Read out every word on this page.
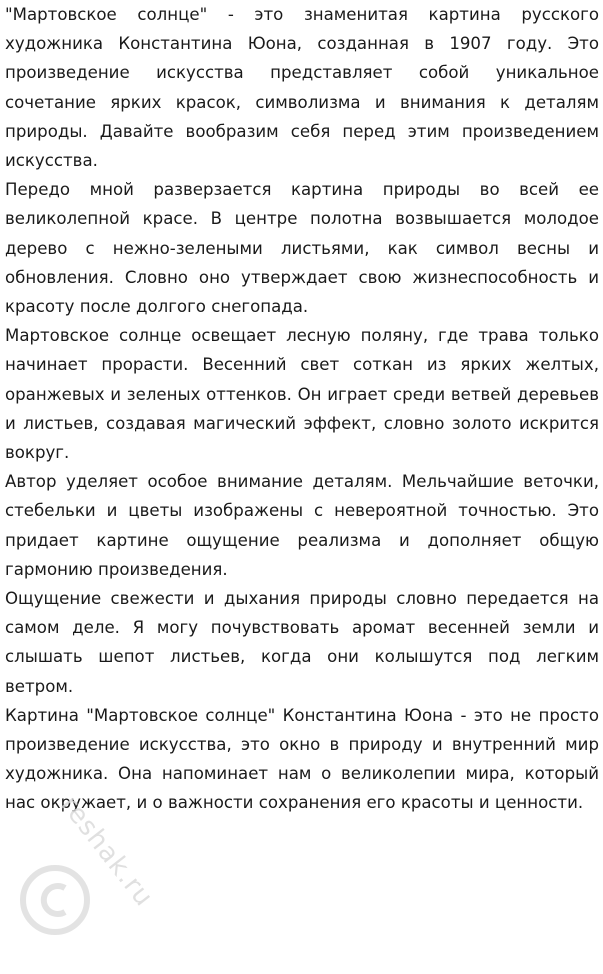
"Мартовское солнце" - это знаменитая картина русского художника Константина Юона, созданная в 1907 году. Это произведение искусства представляет собой уникальное сочетание ярких красок, символизма и внимания к деталям природы. Давайте вообразим себя перед этим произведением искусства.

Передо мной разверзается картина природы во всей ее великолепной красе. В центре полотна возвышается молодое дерево с нежно-зелеными листьями, как символ весны и обновления. Словно оно утверждает свою жизнеспособность и красоту после долгого снегопада.

Мартовское солнце освещает лесную поляну, где трава только начинает прорасти. Весенний свет соткан из ярких желтых, оранжевых и зеленых оттенков. Он играет среди ветвей деревьев и листьев, создавая магический эффект, словно золото искрится вокруг.

Автор уделяет особое внимание деталям. Мельчайшие веточки, стебельки и цветы изображены с невероятной точностью. Это придает картине ощущение реализма и дополняет общую гармонию произведения.

Ощущение свежести и дыхания природы словно передается на самом деле. Я могу почувствовать аромат весенней земли и слышать шепот листьев, когда они колышутся под легким ветром.

Картина "Мартовское солнце" Константина Юона - это не просто произведение искусства, это окно в природу и внутренний мир художника. Она напоминает нам о великолепии мира, который нас окружает, и о важности сохранения его красоты и ценности.

reshak.ru
